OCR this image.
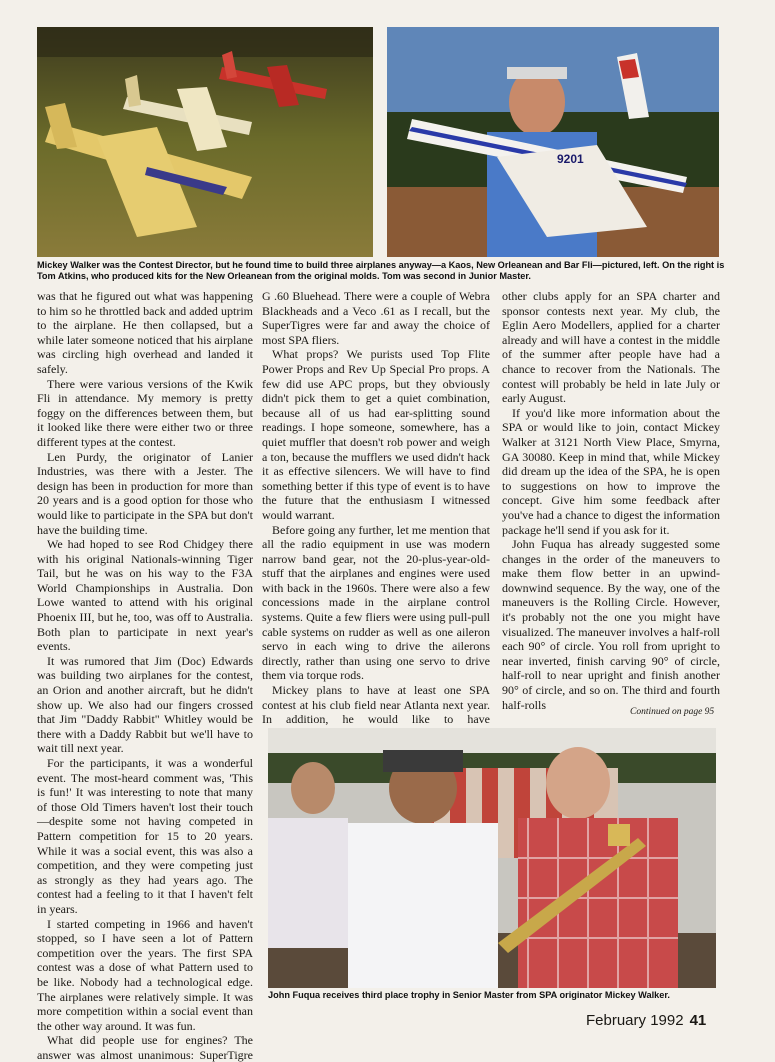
9201
Mickey Walker was the Contest Director, but he found time to build three airplanes anyway—a Kaos, New Orleanean and Bar Fli—pictured, left. On the right is Tom Atkins, who produced kits for the New Orleanean from the original molds. Tom was second in Junior Master.

was that he figured out what was happening to him so he throttled back and added uptrim to the airplane. He then collapsed, but a while later someone noticed that his airplane was circling high overhead and landed it safely.

There were various versions of the Kwik Fli in attendance. My memory is pretty foggy on the differences between them, but it looked like there were either two or three different types at the contest.

Len Purdy, the originator of Lanier Industries, was there with a Jester. The design has been in production for more than 20 years and is a good option for those who would like to participate in the SPA but don't have the building time.

We had hoped to see Rod Chidgey there with his original Nationals-winning Tiger Tail, but he was on his way to the F3A World Championships in Australia. Don Lowe wanted to attend with his original Phoenix III, but he, too, was off to Australia. Both plan to participate in next year's events.

It was rumored that Jim (Doc) Edwards was building two airplanes for the contest, an Orion and another aircraft, but he didn't show up. We also had our fingers crossed that Jim "Daddy Rabbit" Whitley would be there with a Daddy Rabbit but we'll have to wait till next year.

For the participants, it was a wonderful event. The most-heard comment was, 'This is fun!' It was interesting to note that many of those Old Timers haven't lost their touch—despite some not having competed in Pattern competition for 15 to 20 years. While it was a social event, this was also a competition, and they were competing just as strongly as they had years ago. The contest had a feeling to it that I haven't felt in years.

I started competing in 1966 and haven't stopped, so I have seen a lot of Pattern competition over the years. The first SPA contest was a dose of what Pattern used to be like. Nobody had a technological edge. The airplanes were relatively simple. It was more competition within a social event than the other way around. It was fun.

What did people use for engines? The answer was almost unanimous: SuperTigre

G .60 Bluehead. There were a couple of Webra Blackheads and a Veco .61 as I recall, but the SuperTigres were far and away the choice of most SPA fliers.

What props? We purists used Top Flite Power Props and Rev Up Special Pro props. A few did use APC props, but they obviously didn't pick them to get a quiet combination, because all of us had ear-splitting sound readings. I hope someone, somewhere, has a quiet muffler that doesn't rob power and weigh a ton, because the mufflers we used didn't hack it as effective silencers. We will have to find something better if this type of event is to have the future that the enthusiasm I witnessed would warrant.

Before going any further, let me mention that all the radio equipment in use was modern narrow band gear, not the 20-plus-year-old-stuff that the airplanes and engines were used with back in the 1960s. There were also a few concessions made in the airplane control systems. Quite a few fliers were using pull-pull cable systems on rudder as well as one aileron servo in each wing to drive the ailerons directly, rather than using one servo to drive them via torque rods.

Mickey plans to have at least one SPA contest at his club field near Atlanta next year. In addition, he would like to have

other clubs apply for an SPA charter and sponsor contests next year. My club, the Eglin Aero Modellers, applied for a charter already and will have a contest in the middle of the summer after people have had a chance to recover from the Nationals. The contest will probably be held in late July or early August.

If you'd like more information about the SPA or would like to join, contact Mickey Walker at 3121 North View Place, Smyrna, GA 30080. Keep in mind that, while Mickey did dream up the idea of the SPA, he is open to suggestions on how to improve the concept. Give him some feedback after you've had a chance to digest the information package he'll send if you ask for it.

John Fuqua has already suggested some changes in the order of the maneuvers to make them flow better in an upwind-downwind sequence. By the way, one of the maneuvers is the Rolling Circle. However, it's probably not the one you might have visualized. The maneuver involves a half-roll each 90° of circle. You roll from upright to near inverted, finish carving 90° of circle, half-roll to near upright and finish another 90° of circle, and so on. The third and fourth half-rolls

Continued on page 95
John Fuqua receives third place trophy in Senior Master from SPA originator Mickey Walker.
February 1992 41
